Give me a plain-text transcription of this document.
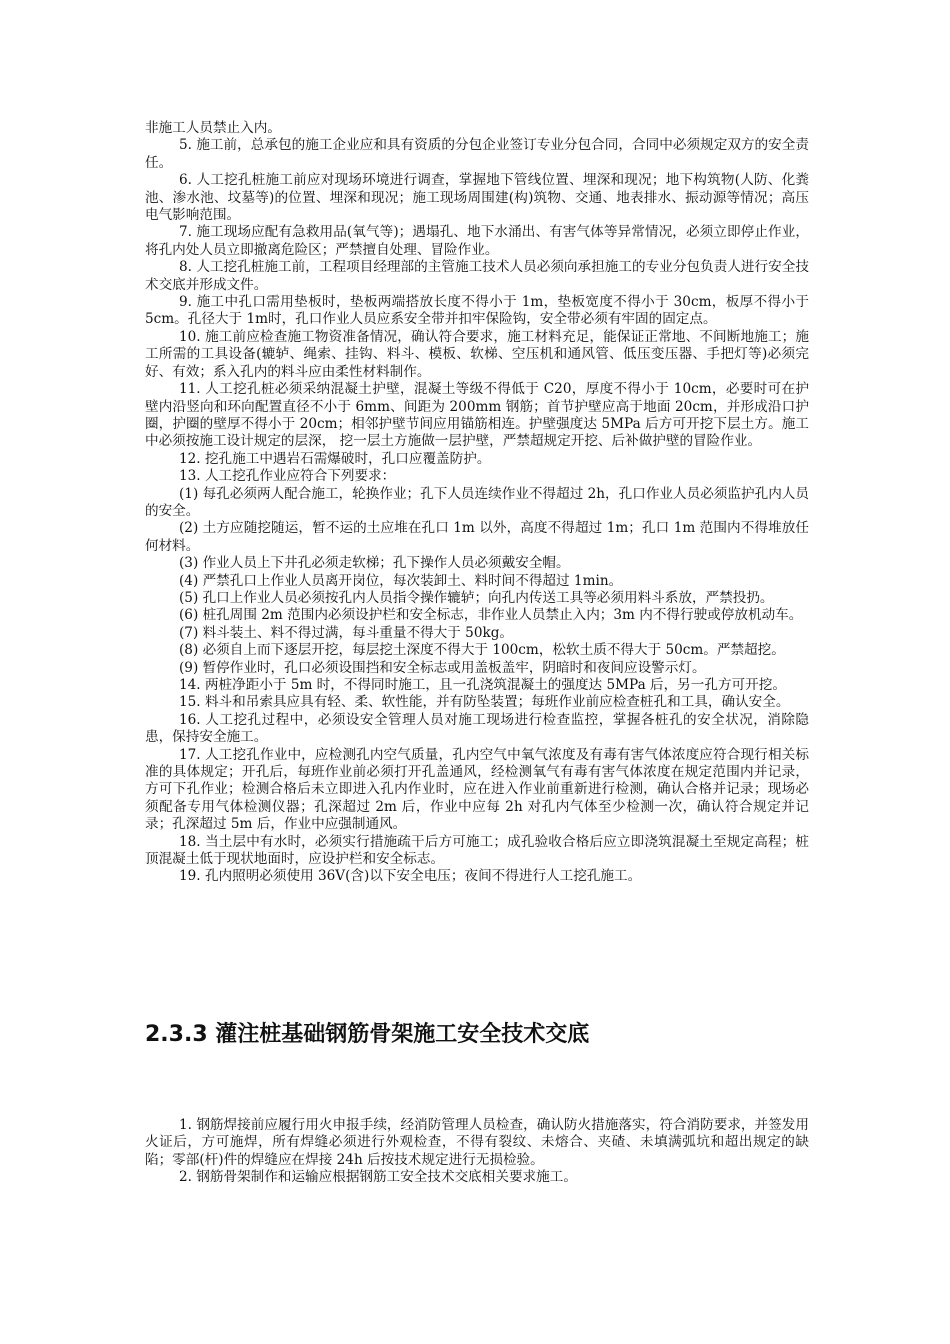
非施工人员禁止入内。

5. 施工前，总承包的施工企业应和具有资质的分包企业签订专业分包合同，合同中必须规定双方的安全责任。

6. 人工挖孔桩施工前应对现场环境进行调查，掌握地下管线位置、埋深和现况；地下构筑物(人防、化粪池、渗水池、坟墓等)的位置、埋深和现况；施工现场周围建(构)筑物、交通、地表排水、振动源等情况；高压电气影响范围。

7. 施工现场应配有急救用品(氧气等)；遇塌孔、地下水涌出、有害气体等异常情况，必须立即停止作业，将孔内处人员立即撤离危险区；严禁擅自处理、冒险作业。

8. 人工挖孔桩施工前，工程项目经理部的主管施工技术人员必须向承担施工的专业分包负责人进行安全技术交底并形成文件。

9. 施工中孔口需用垫板时，垫板两端搭放长度不得小于 1m，垫板宽度不得小于 30cm，板厚不得小于 5cm。孔径大于 1m时，孔口作业人员应系安全带并扣牢保险钩，安全带必须有牢固的固定点。

10. 施工前应检查施工物资准备情况，确认符合要求，施工材料充足，能保证正常地、不间断地施工；施工所需的工具设备(辘轳、绳索、挂钩、料斗、模板、软梯、空压机和通风管、低压变压器、手把灯等)必须完好、有效；系入孔内的料斗应由柔性材料制作。

11. 人工挖孔桩必须采纳混凝土护壁，混凝土等级不得低于 C20，厚度不得小于 10cm，必要时可在护壁内沿竖向和环向配置直径不小于 6mm、间距为 200mm 钢筋；首节护壁应高于地面 20cm，并形成沿口护圈，护圈的壁厚不得小于 20cm；相邻护壁节间应用锚筋相连。护壁强度达 5MPa 后方可开挖下层土方。施工中必须按施工设计规定的层深， 挖一层土方施做一层护壁，严禁超规定开挖、后补做护壁的冒险作业。

12. 挖孔施工中遇岩石需爆破时，孔口应覆盖防护。

13. 人工挖孔作业应符合下列要求：

(1) 每孔必须两人配合施工，轮换作业；孔下人员连续作业不得超过 2h，孔口作业人员必须监护孔内人员的安全。

(2) 土方应随挖随运，暂不运的土应堆在孔口 1m 以外，高度不得超过 1m；孔口 1m 范围内不得堆放任何材料。

(3) 作业人员上下井孔必须走软梯；孔下操作人员必须戴安全帽。

(4) 严禁孔口上作业人员离开岗位，每次装卸土、料时间不得超过 1min。

(5) 孔口上作业人员必须按孔内人员指令操作辘轳；向孔内传送工具等必须用料斗系放，严禁投扔。

(6) 桩孔周围 2m 范围内必须设护栏和安全标志，非作业人员禁止入内；3m 内不得行驶或停放机动车。

(7) 料斗装土、料不得过满，每斗重量不得大于 50kg。

(8) 必须自上而下逐层开挖，每层挖土深度不得大于 100cm，松软土质不得大于 50cm。严禁超挖。

(9) 暂停作业时，孔口必须设围挡和安全标志或用盖板盖牢，阴暗时和夜间应设警示灯。

14. 两桩净距小于 5m 时，不得同时施工，且一孔浇筑混凝土的强度达 5MPa 后，另一孔方可开挖。

15. 料斗和吊索具应具有轻、柔、软性能，并有防坠装置；每班作业前应检查桩孔和工具，确认安全。

16. 人工挖孔过程中，必须设安全管理人员对施工现场进行检查监控，掌握各桩孔的安全状况，消除隐患，保持安全施工。

17. 人工挖孔作业中，应检测孔内空气质量，孔内空气中氧气浓度及有毒有害气体浓度应符合现行相关标准的具体规定；开孔后，每班作业前必须打开孔盖通风，经检测氧气有毒有害气体浓度在规定范围内并记录，方可下孔作业；检测合格后未立即进入孔内作业时，应在进入作业前重新进行检测，确认合格并记录；现场必须配备专用气体检测仪器；孔深超过 2m 后，作业中应每 2h 对孔内气体至少检测一次，确认符合规定并记录；孔深超过 5m 后，作业中应强制通风。

18. 当土层中有水时，必须实行措施疏干后方可施工；成孔验收合格后应立即浇筑混凝土至规定高程；桩顶混凝土低于现状地面时，应设护栏和安全标志。

19. 孔内照明必须使用 36V(含)以下安全电压；夜间不得进行人工挖孔施工。

2.3.3 灌注桩基础钢筋骨架施工安全技术交底

1. 钢筋焊接前应履行用火申报手续，经消防管理人员检查，确认防火措施落实，符合消防要求，并签发用火证后，方可施焊，所有焊缝必须进行外观检查，不得有裂纹、未熔合、夹碴、未填满弧坑和超出规定的缺陷；零部(杆)件的焊缝应在焊接 24h 后按技术规定进行无损检验。

2. 钢筋骨架制作和运输应根据钢筋工安全技术交底相关要求施工。
